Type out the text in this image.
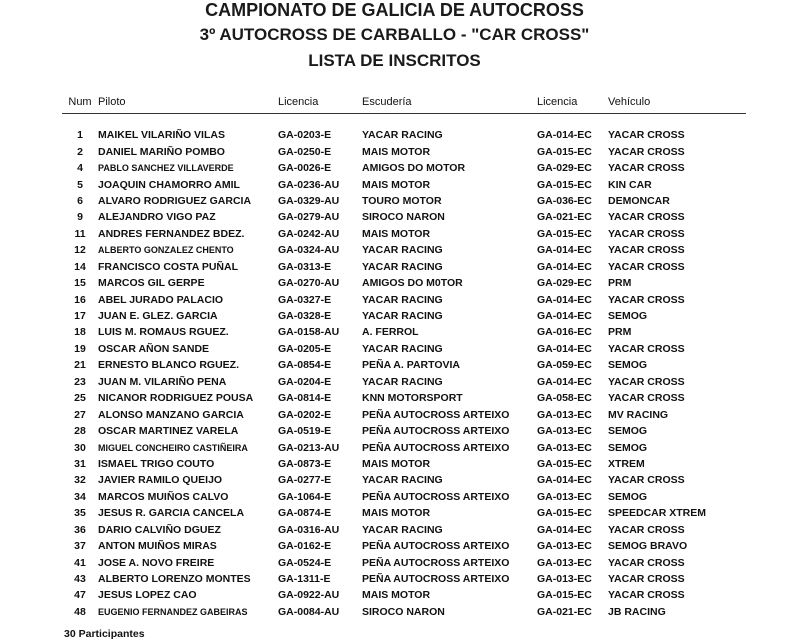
CAMPIONATO DE GALICIA DE AUTOCROSS
3º AUTOCROSS DE CARBALLO - "CAR CROSS"
LISTA DE INSCRITOS
Num	Piloto	Licencia	Escudería	Licencia	Vehículo

1	MAIKEL VILARIÑO VILAS	GA-0203-E	YACAR RACING	GA-014-EC	YACAR CROSS
2	DANIEL MARIÑO POMBO	GA-0250-E	MAIS MOTOR	GA-015-EC	YACAR CROSS
4	PABLO SANCHEZ VILLAVERDE	GA-0026-E	AMIGOS DO MOTOR	GA-029-EC	YACAR CROSS
5	JOAQUIN CHAMORRO AMIL	GA-0236-AU	MAIS MOTOR	GA-015-EC	KIN CAR
6	ALVARO RODRIGUEZ GARCIA	GA-0329-AU	TOURO MOTOR	GA-036-EC	DEMONCAR
9	ALEJANDRO VIGO PAZ	GA-0279-AU	SIROCO NARON	GA-021-EC	YACAR CROSS
11	ANDRES FERNANDEZ BDEZ.	GA-0242-AU	MAIS MOTOR	GA-015-EC	YACAR CROSS
12	ALBERTO GONZALEZ CHENTO	GA-0324-AU	YACAR RACING	GA-014-EC	YACAR CROSS
14	FRANCISCO COSTA PUÑAL	GA-0313-E	YACAR RACING	GA-014-EC	YACAR CROSS
15	MARCOS GIL GERPE	GA-0270-AU	AMIGOS DO M0TOR	GA-029-EC	PRM
16	ABEL JURADO PALACIO	GA-0327-E	YACAR RACING	GA-014-EC	YACAR CROSS
17	JUAN E. GLEZ. GARCIA	GA-0328-E	YACAR RACING	GA-014-EC	SEMOG
18	LUIS M. ROMAUS RGUEZ.	GA-0158-AU	A. FERROL	GA-016-EC	PRM
19	OSCAR AÑON SANDE	GA-0205-E	YACAR RACING	GA-014-EC	YACAR CROSS
21	ERNESTO BLANCO RGUEZ.	GA-0854-E	PEÑA A. PARTOVIA	GA-059-EC	SEMOG
23	JUAN M. VILARIÑO PENA	GA-0204-E	YACAR RACING	GA-014-EC	YACAR CROSS
25	NICANOR RODRIGUEZ POUSA	GA-0814-E	KNN MOTORSPORT	GA-058-EC	YACAR CROSS
27	ALONSO MANZANO GARCIA	GA-0202-E	PEÑA AUTOCROSS ARTEIXO	GA-013-EC	MV RACING
28	OSCAR MARTINEZ VARELA	GA-0519-E	PEÑA AUTOCROSS ARTEIXO	GA-013-EC	SEMOG
30	MIGUEL CONCHEIRO CASTIÑEIRA	GA-0213-AU	PEÑA AUTOCROSS ARTEIXO	GA-013-EC	SEMOG
31	ISMAEL TRIGO COUTO	GA-0873-E	MAIS MOTOR	GA-015-EC	XTREM
32	JAVIER RAMILO QUEIJO	GA-0277-E	YACAR RACING	GA-014-EC	YACAR CROSS
34	MARCOS MUIÑOS CALVO	GA-1064-E	PEÑA AUTOCROSS ARTEIXO	GA-013-EC	SEMOG
35	JESUS R. GARCIA CANCELA	GA-0874-E	MAIS MOTOR	GA-015-EC	SPEEDCAR XTREM
36	DARIO CALVIÑO DGUEZ	GA-0316-AU	YACAR RACING	GA-014-EC	YACAR CROSS
37	ANTON MUIÑOS MIRAS	GA-0162-E	PEÑA AUTOCROSS ARTEIXO	GA-013-EC	SEMOG BRAVO
41	JOSE A. NOVO FREIRE	GA-0524-E	PEÑA AUTOCROSS ARTEIXO	GA-013-EC	YACAR CROSS
43	ALBERTO LORENZO MONTES	GA-1311-E	PEÑA AUTOCROSS ARTEIXO	GA-013-EC	YACAR CROSS
47	JESUS LOPEZ CAO	GA-0922-AU	MAIS MOTOR	GA-015-EC	YACAR CROSS
48	EUGENIO FERNANDEZ GABEIRAS	GA-0084-AU	SIROCO NARON	GA-021-EC	JB RACING
30 Participantes
